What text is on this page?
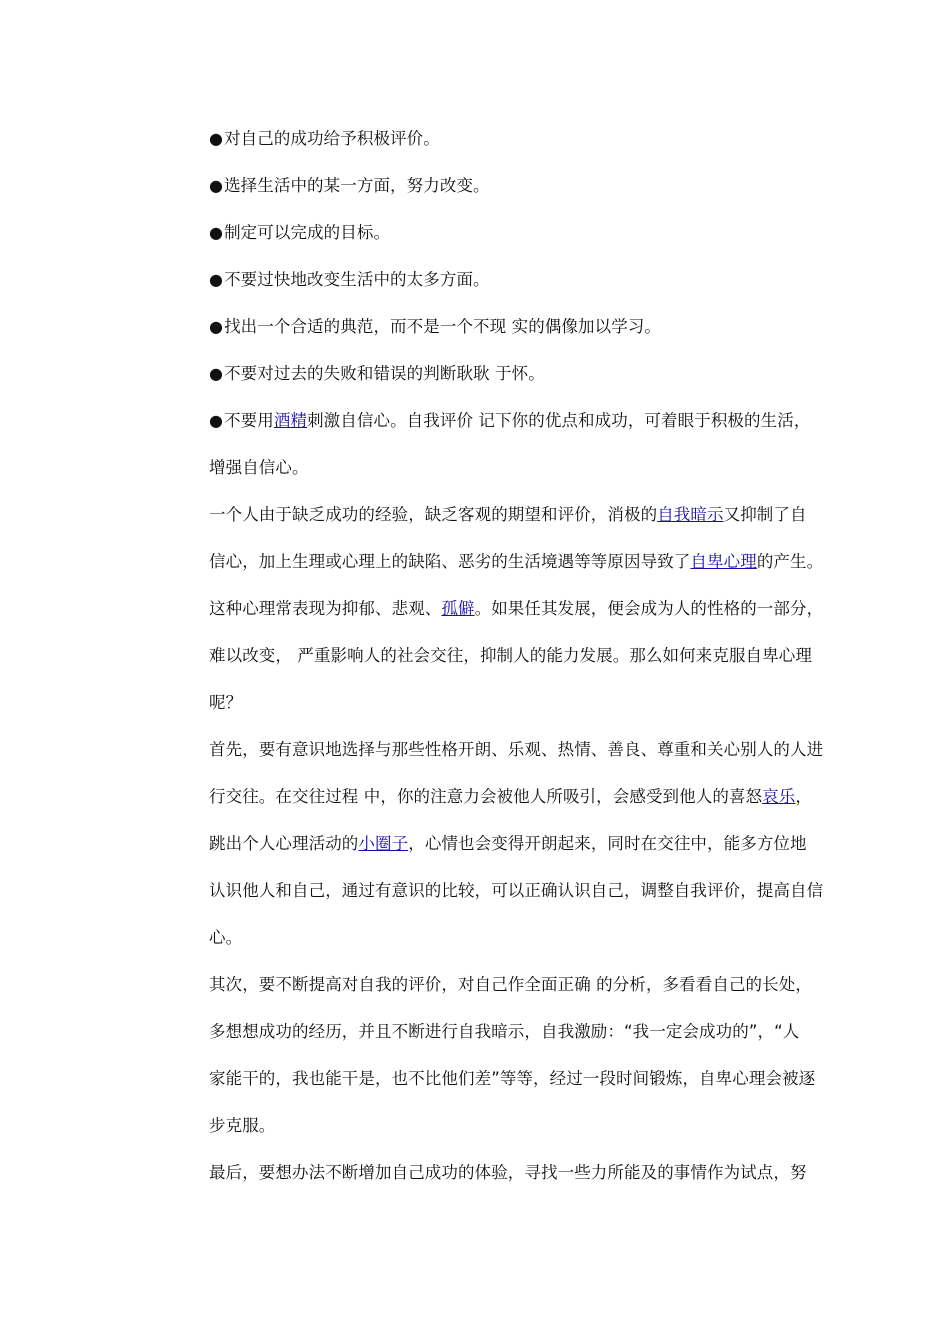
●对自己的成功给予积极评价。
●选择生活中的某一方面，努力改变。
●制定可以完成的目标。
●不要过快地改变生活中的太多方面。
●找出一个合适的典范，而不是一个不现 实的偶像加以学习。
●不要对过去的失败和错误的判断耿耿 于怀。
●不要用酒精刺激自信心。自我评价 记下你的优点和成功，可着眼于积极的生活，
增强自信心。
一个人由于缺乏成功的经验，缺乏客观的期望和评价，消极的自我暗示又抑制了自
信心，加上生理或心理上的缺陷、恶劣的生活境遇等等原因导致了自卑心理的产生。
这种心理常表现为抑郁、悲观、孤僻。如果任其发展，便会成为人的性格的一部分，
难以改变， 严重影响人的社会交往，抑制人的能力发展。那么如何来克服自卑心理
呢？
首先，要有意识地选择与那些性格开朗、乐观、热情、善良、尊重和关心别人的人进
行交往。在交往过程 中，你的注意力会被他人所吸引，会感受到他人的喜怒哀乐，
跳出个人心理活动的小圈子，心情也会变得开朗起来，同时在交往中，能多方位地
认识他人和自己，通过有意识的比较，可以正确认识自己，调整自我评价，提高自信
心。
其次，要不断提高对自我的评价，对自己作全面正确 的分析，多看看自己的长处，
多想想成功的经历，并且不断进行自我暗示，自我激励：“我一定会成功的”，“人
家能干的，我也能干是，也不比他们差”等等，经过一段时间锻炼，自卑心理会被逐
步克服。
最后，要想办法不断增加自己成功的体验，寻找一些力所能及的事情作为试点，努
